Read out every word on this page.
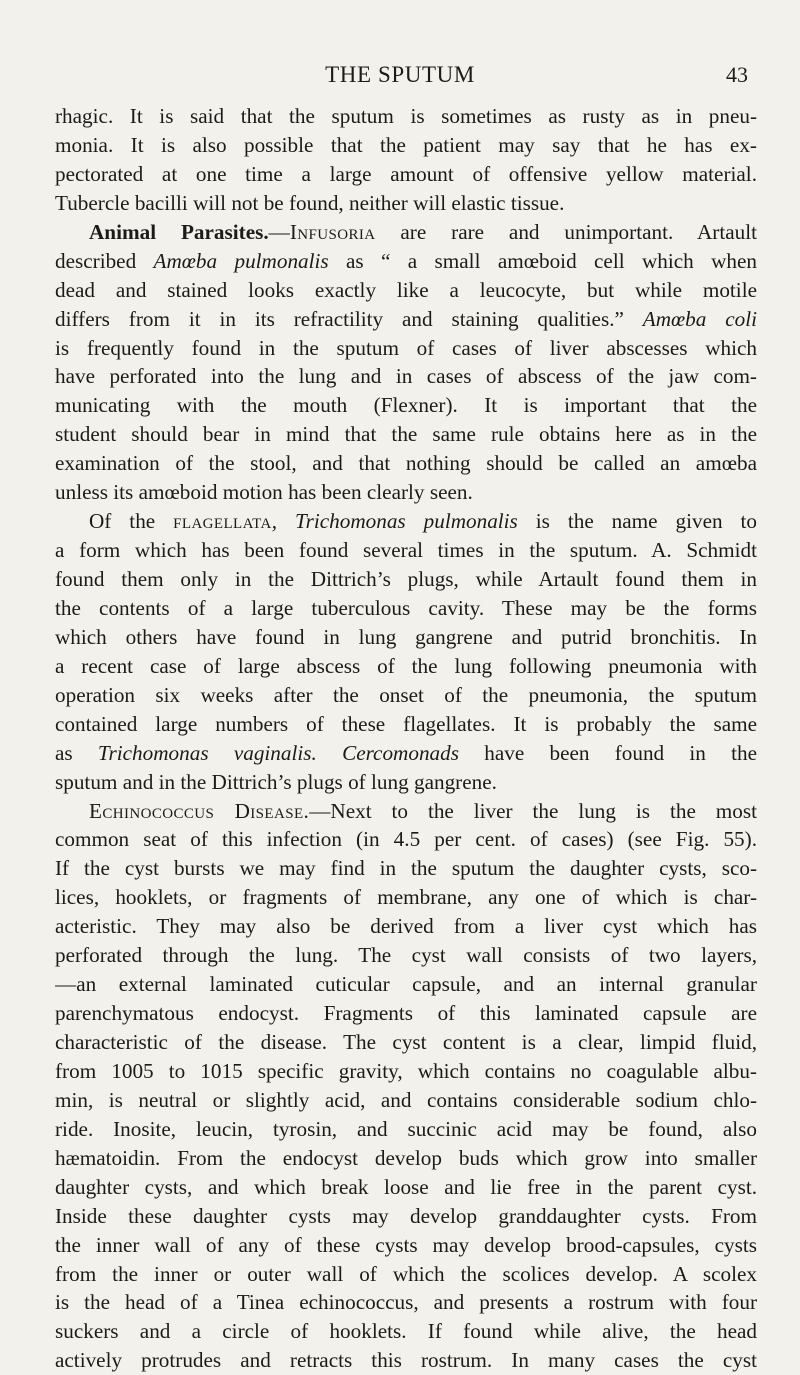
THE SPUTUM	43
rhagic. It is said that the sputum is sometimes as rusty as in pneu-
monia. It is also possible that the patient may say that he has ex-
pectorated at one time a large amount of offensive yellow material.
Tubercle bacilli will not be found, neither will elastic tissue.
Animal Parasites.—Infusoria are rare and unimportant. Artault
described Amœba pulmonalis as “ a small amœboid cell which when
dead and stained looks exactly like a leucocyte, but while motile
differs from it in its refractility and staining qualities.” Amœba coli
is frequently found in the sputum of cases of liver abscesses which
have perforated into the lung and in cases of abscess of the jaw com-
municating with the mouth (Flexner). It is important that the
student should bear in mind that the same rule obtains here as in the
examination of the stool, and that nothing should be called an amœba
unless its amœboid motion has been clearly seen.
Of the flagellata, Trichomonas pulmonalis is the name given to
a form which has been found several times in the sputum. A. Schmidt
found them only in the Dittrich’s plugs, while Artault found them in
the contents of a large tuberculous cavity. These may be the forms
which others have found in lung gangrene and putrid bronchitis. In
a recent case of large abscess of the lung following pneumonia with
operation six weeks after the onset of the pneumonia, the sputum
contained large numbers of these flagellates. It is probably the same
as Trichomonas vaginalis. Cercomonads have been found in the
sputum and in the Dittrich’s plugs of lung gangrene.
Echinococcus Disease.—Next to the liver the lung is the most
common seat of this infection (in 4.5 per cent. of cases) (see Fig. 55).
If the cyst bursts we may find in the sputum the daughter cysts, sco-
lices, hooklets, or fragments of membrane, any one of which is char-
acteristic. They may also be derived from a liver cyst which has
perforated through the lung. The cyst wall consists of two layers,
—an external laminated cuticular capsule, and an internal granular
parenchymatous endocyst. Fragments of this laminated capsule are
characteristic of the disease. The cyst content is a clear, limpid fluid,
from 1005 to 1015 specific gravity, which contains no coagulable albu-
min, is neutral or slightly acid, and contains considerable sodium chlo-
ride. Inosite, leucin, tyrosin, and succinic acid may be found, also
hæmatoidin. From the endocyst develop buds which grow into smaller
daughter cysts, and which break loose and lie free in the parent cyst.
Inside these daughter cysts may develop granddaughter cysts. From
the inner wall of any of these cysts may develop brood-capsules, cysts
from the inner or outer wall of which the scolices develop. A scolex
is the head of a Tinea echinococcus, and presents a rostrum with four
suckers and a circle of hooklets. If found while alive, the head
actively protrudes and retracts this rostrum. In many cases the cyst
